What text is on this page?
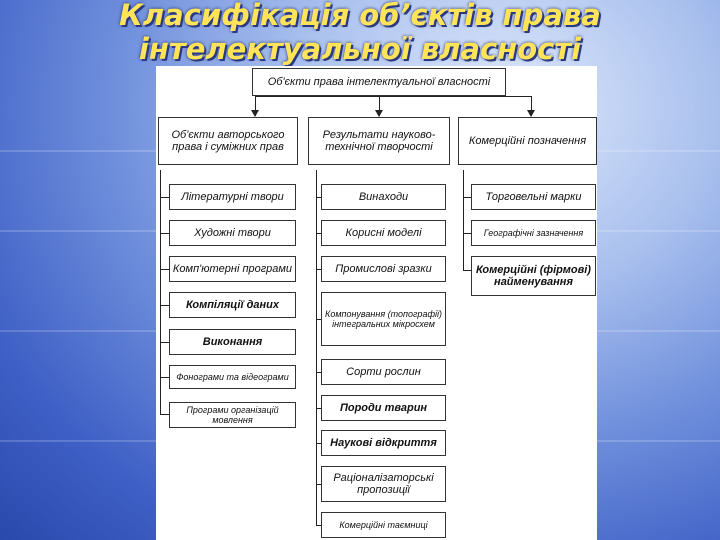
Класифікація об’єктів права
інтелектуальної власності
Об'єкти права інтелектуальної власності
Об'єкти авторського права і суміжних прав
Результати науково-технічної творчості	Комерційні позначення
Літературні твори
Художні твори
Комп'ютерні програми
Компіляції даних
Виконання
Фонограми та відеограми
Програми організацій мовлення
Винаходи
Корисні моделі
Промислові зразки
Компонування (топографії) інтегральних мікросхем
Сорти рослин
Породи тварин
Наукові відкриття
Раціоналізаторські пропозиції
Комерційні таємниці
Торговельні марки
Географічні зазначення
Комерційні (фірмові) найменування
